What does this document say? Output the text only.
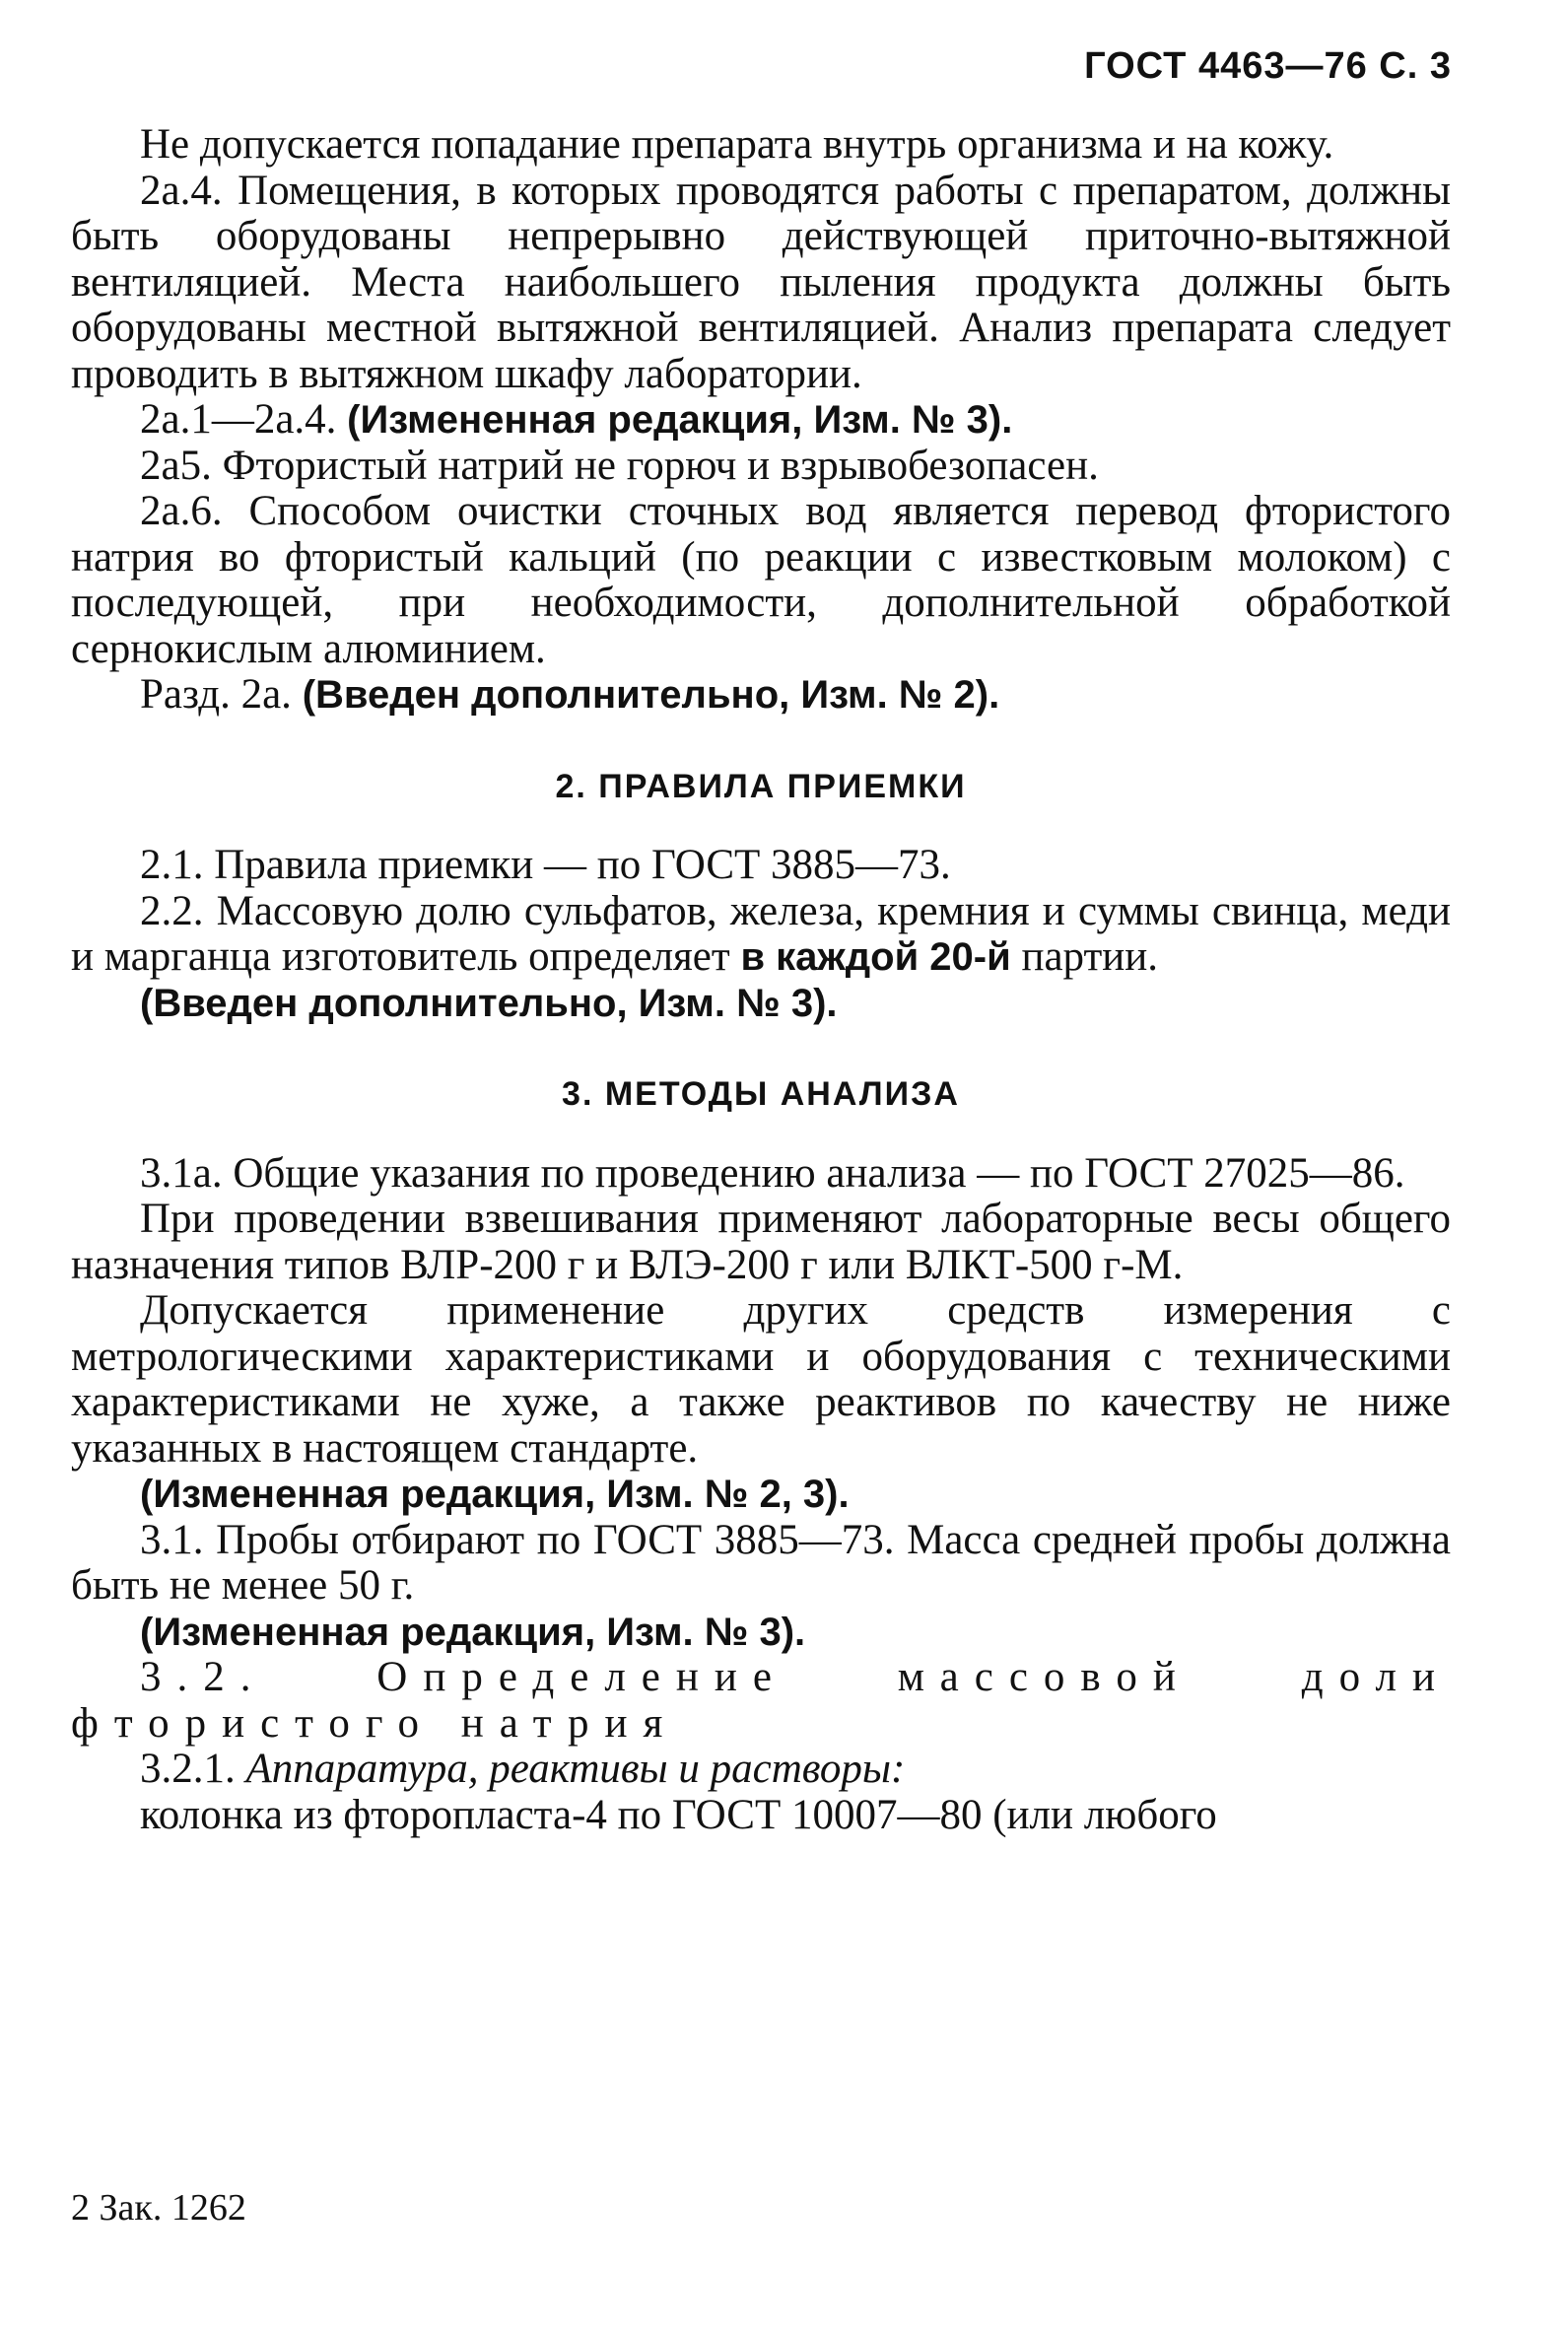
ГОСТ 4463—76 С. 3

Не допускается попадание препарата внутрь организма и на кожу.

2а.4. Помещения, в которых проводятся работы с препаратом, должны быть оборудованы непрерывно действующей приточно-вытяжной вентиляцией. Места наибольшего пыления продукта должны быть оборудованы местной вытяжной вентиляцией. Анализ препарата следует проводить в вытяжном шкафу лаборатории.

2а.1—2а.4. (Измененная редакция, Изм. № 3).

2а5. Фтористый натрий не горюч и взрывобезопасен.

2а.6. Способом очистки сточных вод является перевод фтористого натрия во фтористый кальций (по реакции с известковым молоком) с последующей, при необходимости, дополнительной обработкой сернокислым алюминием.

Разд. 2а. (Введен дополнительно, Изм. № 2).

2. ПРАВИЛА ПРИЕМКИ

2.1. Правила приемки — по ГОСТ 3885—73.

2.2. Массовую долю сульфатов, железа, кремния и суммы свинца, меди и марганца изготовитель определяет в каждой 20-й партии.

(Введен дополнительно, Изм. № 3).

3. МЕТОДЫ АНАЛИЗА

3.1а. Общие указания по проведению анализа — по ГОСТ 27025—86.

При проведении взвешивания применяют лабораторные весы общего назначения типов ВЛР-200 г и ВЛЭ-200 г или ВЛКТ-500 г-М.

Допускается применение других средств измерения с метрологическими характеристиками и оборудования с техническими характеристиками не хуже, а также реактивов по качеству не ниже указанных в настоящем стандарте.

(Измененная редакция, Изм. № 2, 3).

3.1. Пробы отбирают по ГОСТ 3885—73. Масса средней пробы должна быть не менее 50 г.

(Измененная редакция, Изм. № 3).

3.2. Определение массовой доли фтористого натрия

3.2.1. Аппаратура, реактивы и растворы:

колонка из фторопласта-4 по ГОСТ 10007—80 (или любого

2 Зак. 1262
